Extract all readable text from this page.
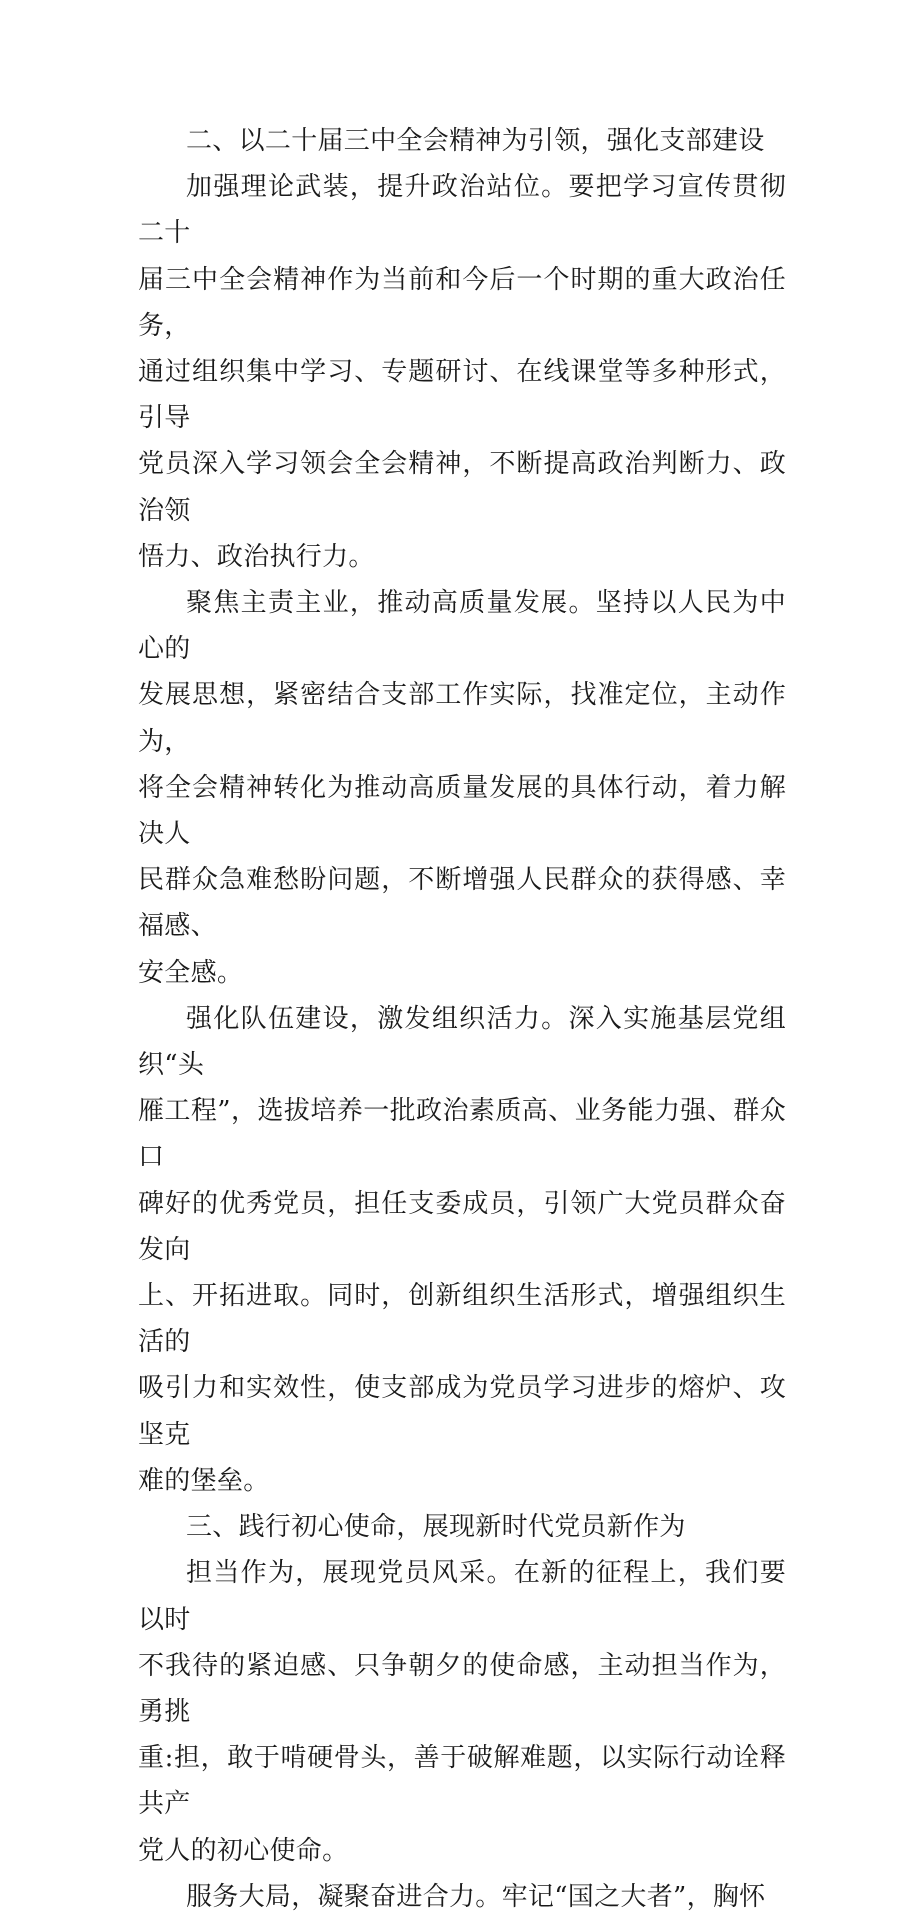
二、以二十届三中全会精神为引领，强化支部建设

加强理论武装，提升政治站位。要把学习宣传贯彻二十
届三中全会精神作为当前和今后一个时期的重大政治任务，
通过组织集中学习、专题研讨、在线课堂等多种形式，引导
党员深入学习领会全会精神，不断提高政治判断力、政治领
悟力、政治执行力。

聚焦主责主业，推动高质量发展。坚持以人民为中心的
发展思想，紧密结合支部工作实际，找准定位，主动作为，
将全会精神转化为推动高质量发展的具体行动，着力解决人
民群众急难愁盼问题，不断增强人民群众的获得感、幸福感、
安全感。

强化队伍建设，激发组织活力。深入实施基层党组织“头
雁工程”，选拔培养一批政治素质高、业务能力强、群众口
碑好的优秀党员，担任支委成员，引领广大党员群众奋发向
上、开拓进取。同时，创新组织生活形式，增强组织生活的
吸引力和实效性，使支部成为党员学习进步的熔炉、攻坚克
难的堡垒。

三、践行初心使命，展现新时代党员新作为

担当作为，展现党员风采。在新的征程上，我们要以时
不我待的紧迫感、只争朝夕的使命感，主动担当作为，勇挑
重:担，敢于啃硬骨头，善于破解难题，以实际行动诠释共产
党人的初心使命。

服务大局，凝聚奋进合力。牢记“国之大者”，胸怀
